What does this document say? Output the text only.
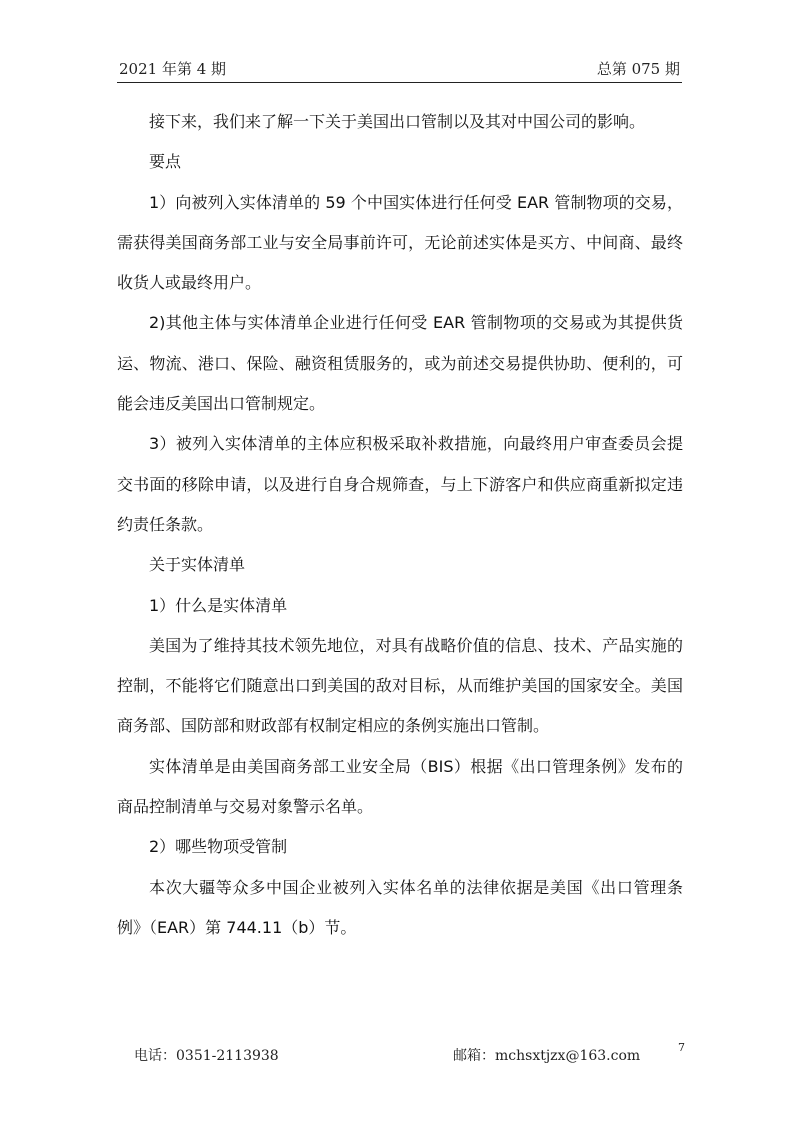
2021 年第 4 期	总第 075 期

接下来，我们来了解一下关于美国出口管制以及其对中国公司的影响。

要点

1）向被列入实体清单的 59 个中国实体进行任何受 EAR 管制物项的交易，需获得美国商务部工业与安全局事前许可，无论前述实体是买方、中间商、最终收货人或最终用户。

2)其他主体与实体清单企业进行任何受 EAR 管制物项的交易或为其提供货运、物流、港口、保险、融资租赁服务的，或为前述交易提供协助、便利的，可能会违反美国出口管制规定。

3）被列入实体清单的主体应积极采取补救措施，向最终用户审查委员会提交书面的移除申请，以及进行自身合规筛查，与上下游客户和供应商重新拟定违约责任条款。

关于实体清单

1）什么是实体清单

美国为了维持其技术领先地位，对具有战略价值的信息、技术、产品实施的控制，不能将它们随意出口到美国的敌对目标，从而维护美国的国家安全。美国商务部、国防部和财政部有权制定相应的条例实施出口管制。

实体清单是由美国商务部工业安全局（BIS）根据《出口管理条例》发布的商品控制清单与交易对象警示名单。

2）哪些物项受管制

本次大疆等众多中国企业被列入实体名单的法律依据是美国《出口管理条例》（EAR）第 744.11（b）节。

电话：0351-2113938	邮箱：mchsxtjzx@163.com
7
